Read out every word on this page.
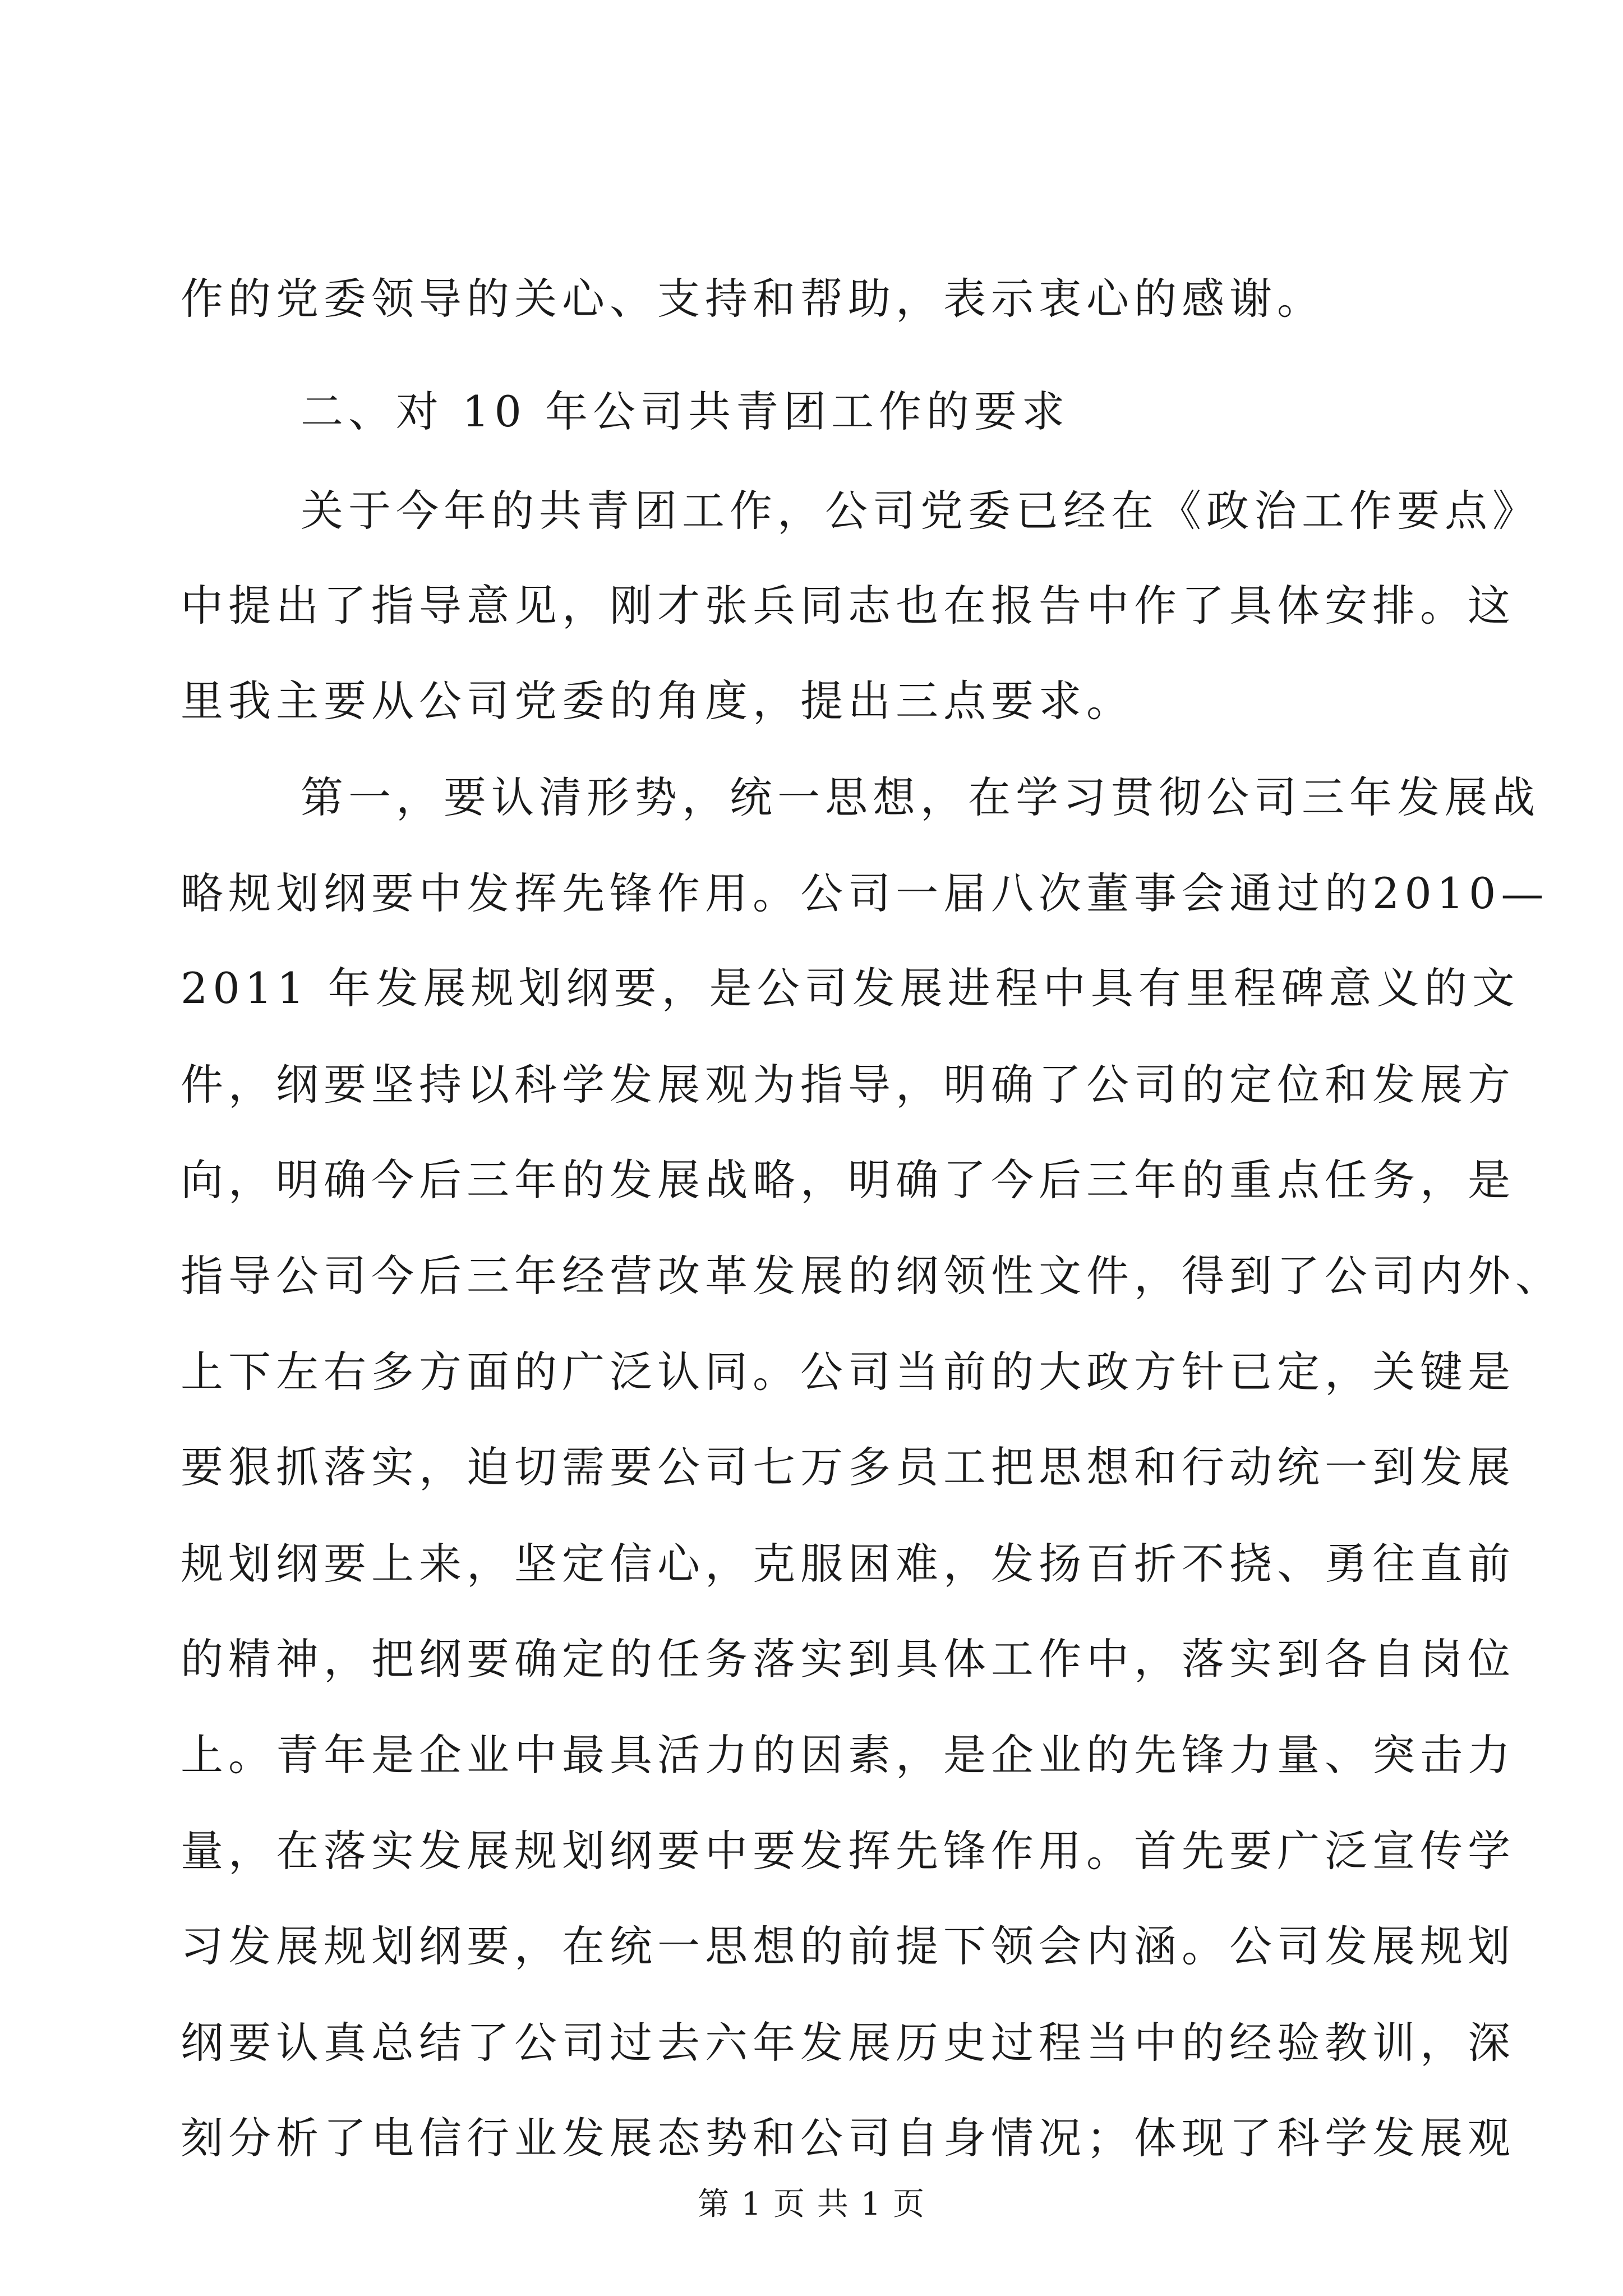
作的党委领导的关心、支持和帮助，表示衷心的感谢。
二、对 10 年公司共青团工作的要求
关于今年的共青团工作，公司党委已经在《政治工作要点》
中提出了指导意见，刚才张兵同志也在报告中作了具体安排。这
里我主要从公司党委的角度，提出三点要求。
第一，要认清形势，统一思想，在学习贯彻公司三年发展战
略规划纲要中发挥先锋作用。公司一届八次董事会通过的2010—
2011 年发展规划纲要，是公司发展进程中具有里程碑意义的文
件，纲要坚持以科学发展观为指导，明确了公司的定位和发展方
向，明确今后三年的发展战略，明确了今后三年的重点任务，是
指导公司今后三年经营改革发展的纲领性文件，得到了公司内外、
上下左右多方面的广泛认同。公司当前的大政方针已定，关键是
要狠抓落实，迫切需要公司七万多员工把思想和行动统一到发展
规划纲要上来，坚定信心，克服困难，发扬百折不挠、勇往直前
的精神，把纲要确定的任务落实到具体工作中，落实到各自岗位
上。青年是企业中最具活力的因素，是企业的先锋力量、突击力
量，在落实发展规划纲要中要发挥先锋作用。首先要广泛宣传学
习发展规划纲要，在统一思想的前提下领会内涵。公司发展规划
纲要认真总结了公司过去六年发展历史过程当中的经验教训，深
刻分析了电信行业发展态势和公司自身情况；体现了科学发展观
第 1 页 共 1 页
